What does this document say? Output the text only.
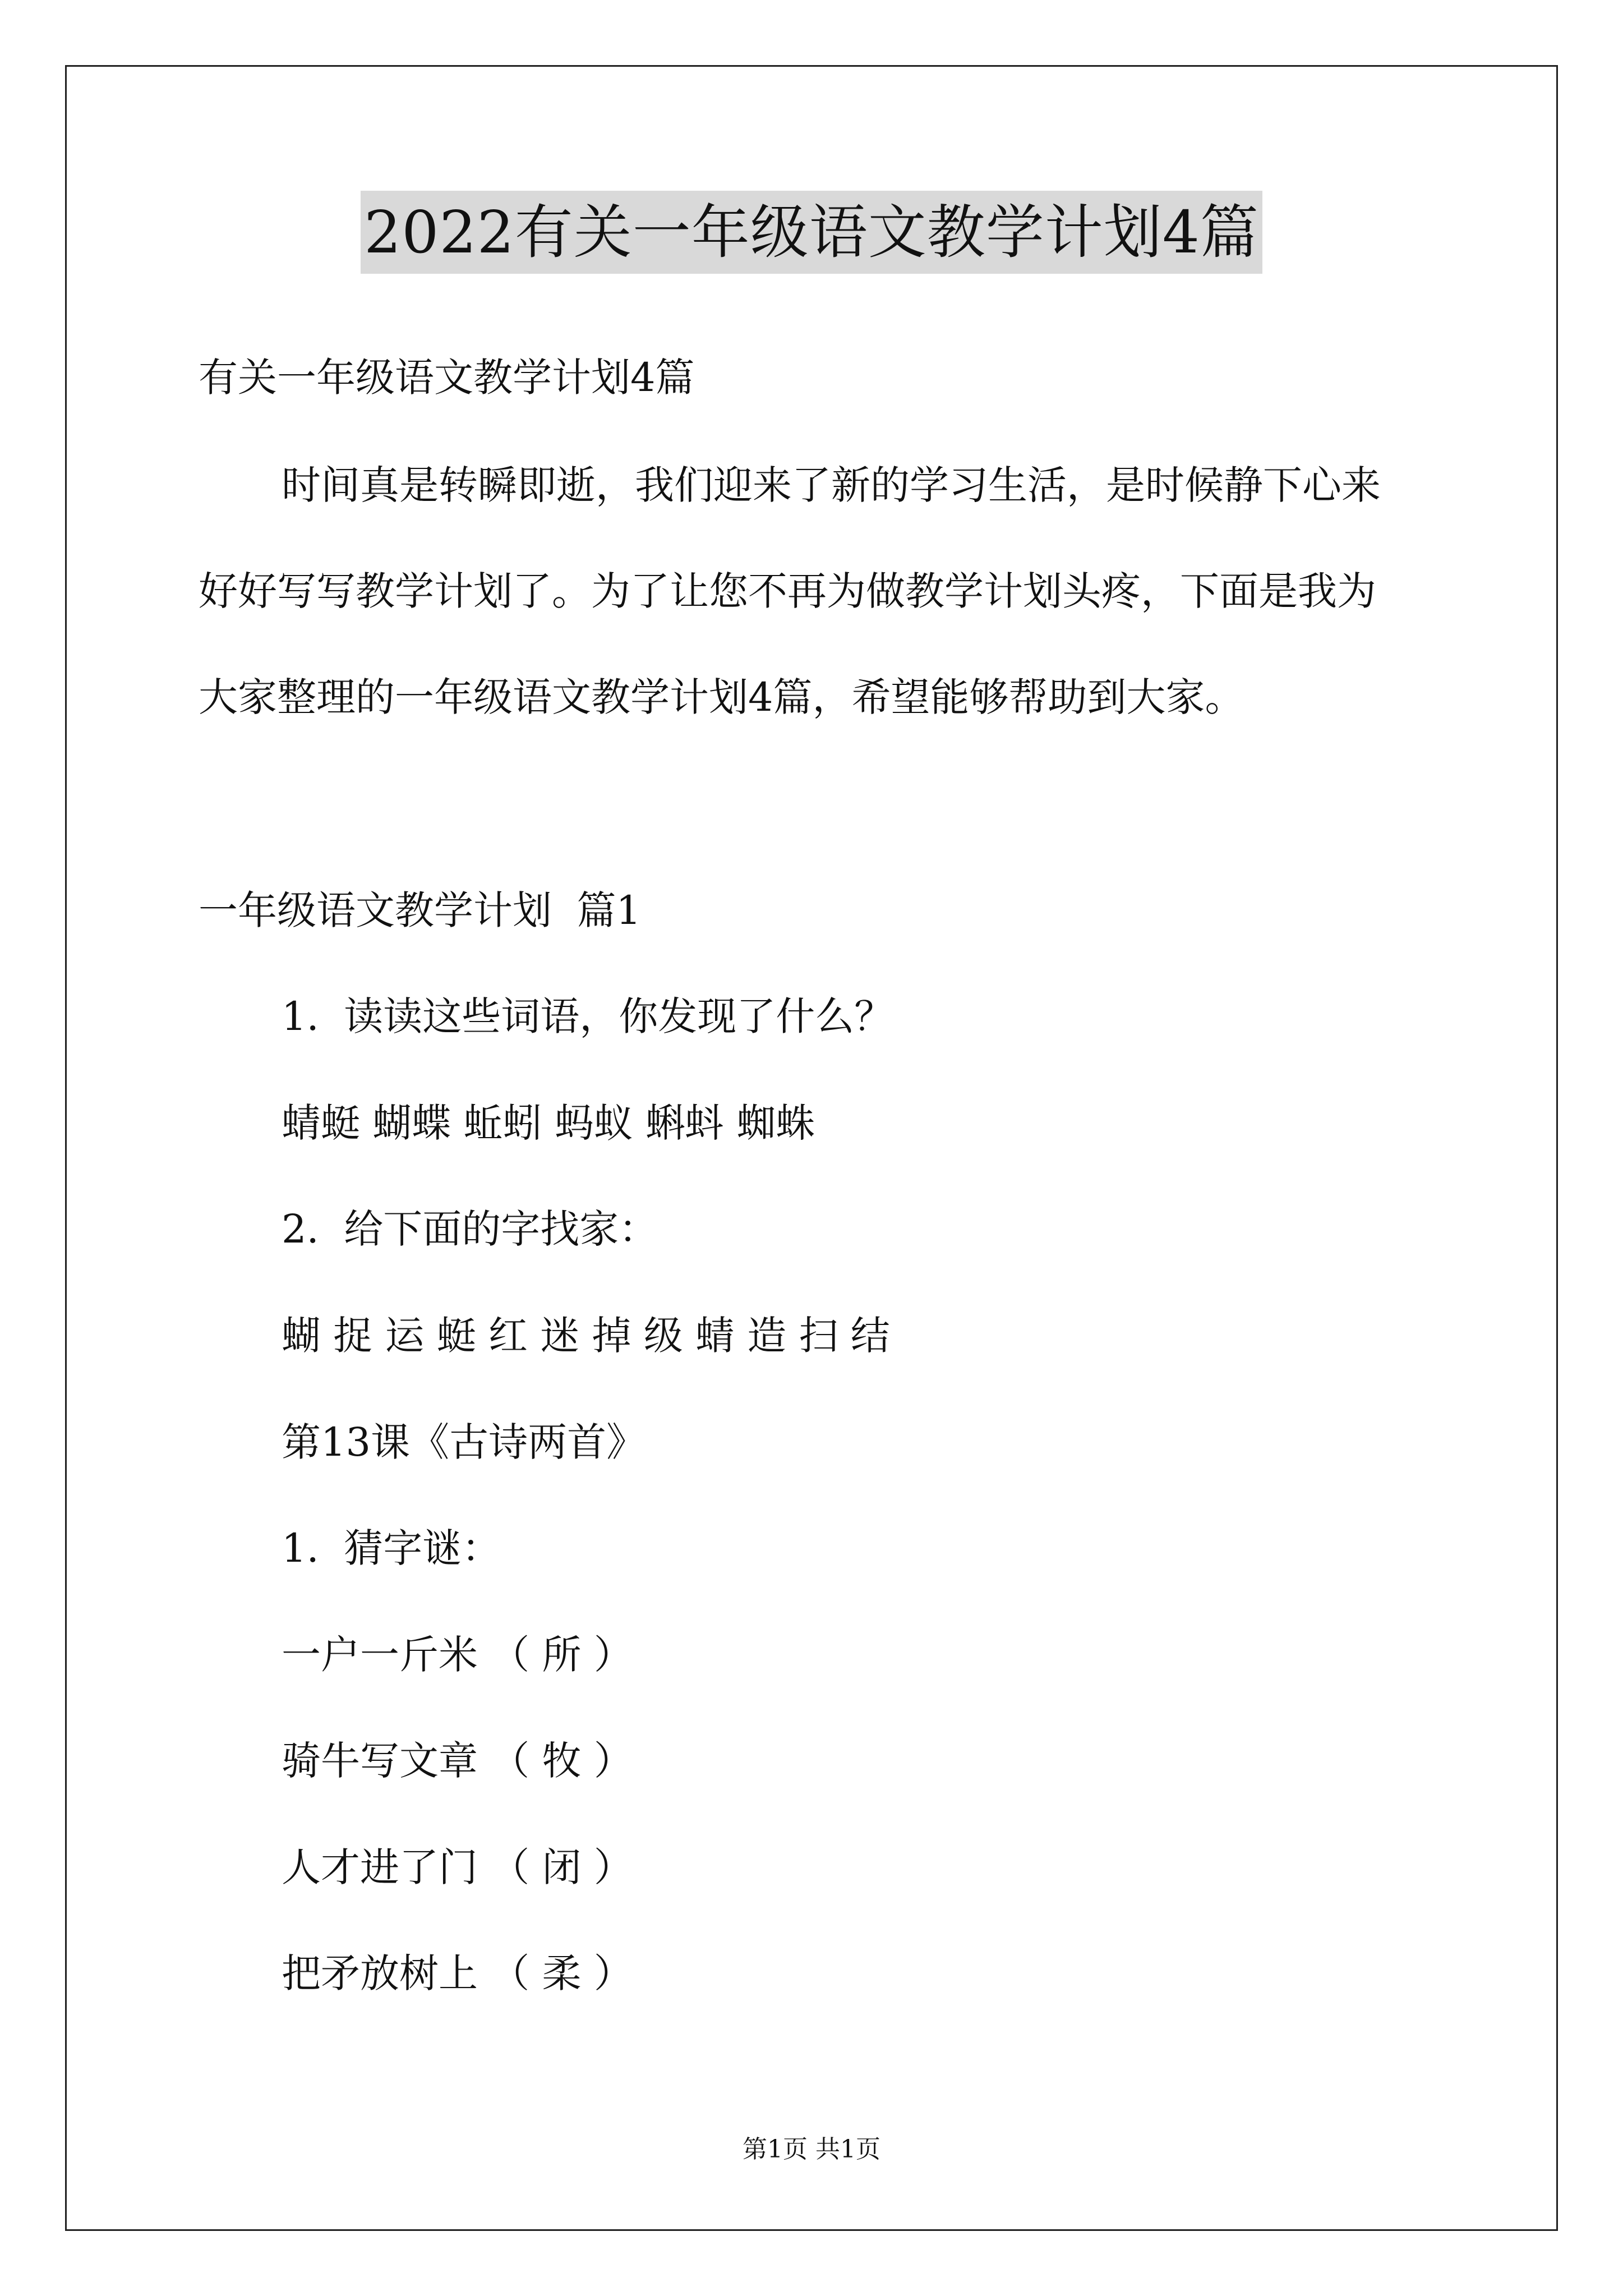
2022有关一年级语文教学计划4篇
有关一年级语文教学计划4篇
时间真是转瞬即逝，我们迎来了新的学习生活，是时候静下心来
好好写写教学计划了。为了让您不再为做教学计划头疼，下面是我为
大家整理的一年级语文教学计划4篇，希望能够帮助到大家。
一年级语文教学计划  篇1
1.  读读这些词语，你发现了什么？
蜻蜓 蝴蝶 蚯蚓 蚂蚁 蝌蚪 蜘蛛
2.  给下面的字找家：
蝴 捉 运 蜓 红 迷 掉 级 蜻 造 扫 结
第13课《古诗两首》
1.  猜字谜：
一户一斤米 （ 所 ）
骑牛写文章 （ 牧 ）
人才进了门 （ 闭 ）
把矛放树上 （ 柔 ）
第1页 共1页
